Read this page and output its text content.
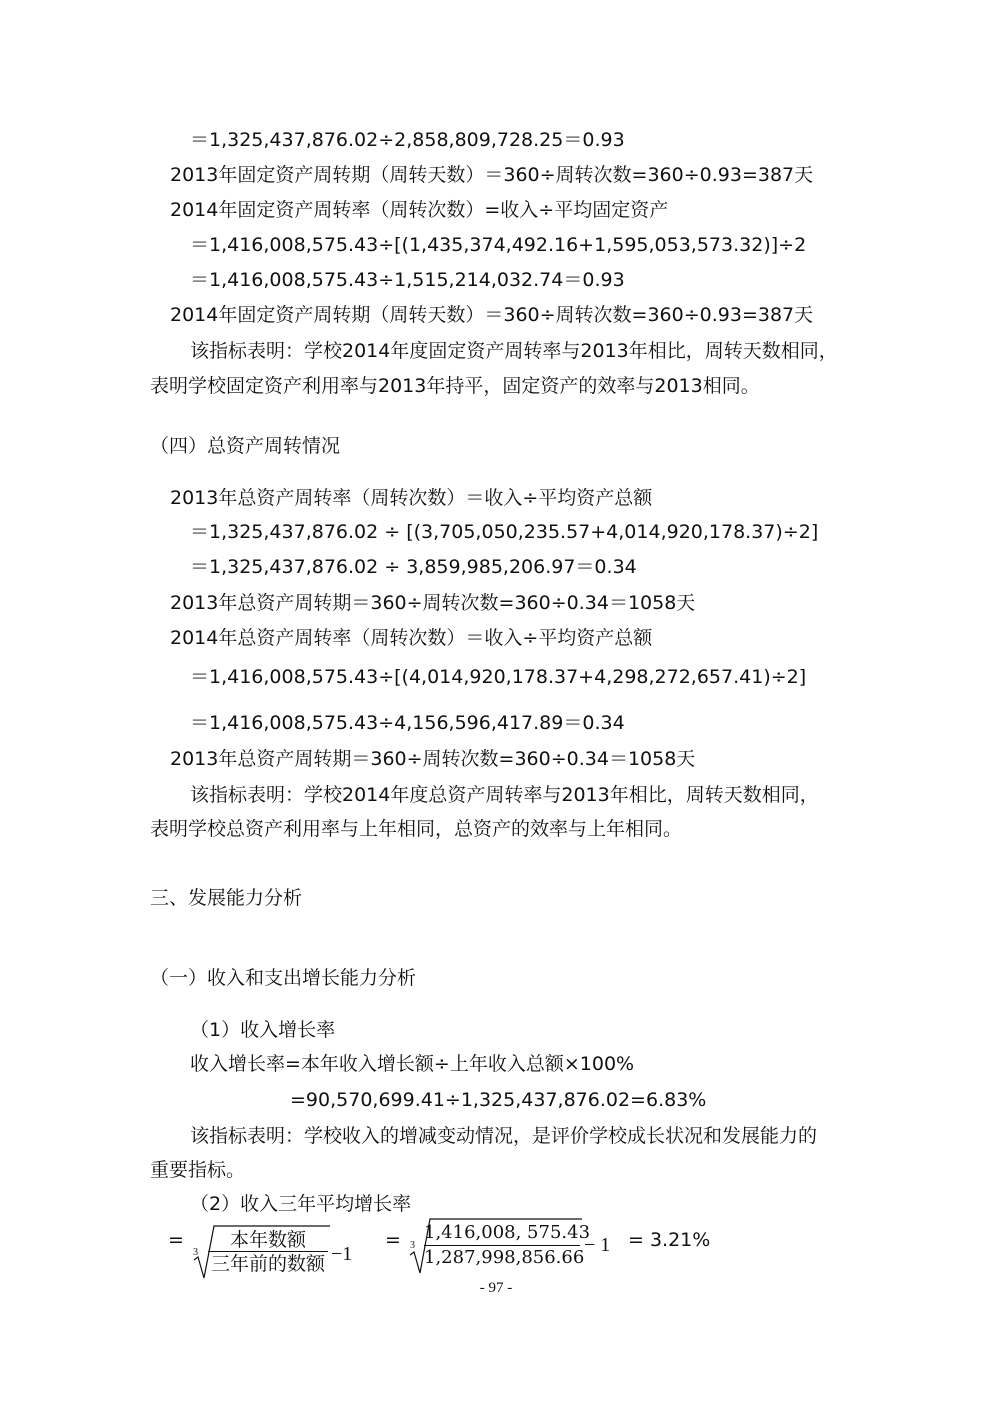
＝1,325,437,876.02÷2,858,809,728.25＝0.93
2013年固定资产周转期（周转天数）＝360÷周转次数=360÷0.93=387天
2014年固定资产周转率（周转次数）=收入÷平均固定资产
＝1,416,008,575.43÷[(1,435,374,492.16+1,595,053,573.32)]÷2
＝1,416,008,575.43÷1,515,214,032.74＝0.93
2014年固定资产周转期（周转天数）＝360÷周转次数=360÷0.93=387天
该指标表明：学校2014年度固定资产周转率与2013年相比，周转天数相同，
表明学校固定资产利用率与2013年持平，固定资产的效率与2013相同。
（四）总资产周转情况
2013年总资产周转率（周转次数）＝收入÷平均资产总额
＝1,325,437,876.02 ÷ [(3,705,050,235.57+4,014,920,178.37)÷2]
＝1,325,437,876.02 ÷ 3,859,985,206.97＝0.34
2013年总资产周转期＝360÷周转次数=360÷0.34＝1058天
2014年总资产周转率（周转次数）＝收入÷平均资产总额
＝1,416,008,575.43÷[(4,014,920,178.37+4,298,272,657.41)÷2]
＝1,416,008,575.43÷4,156,596,417.89＝0.34
2013年总资产周转期＝360÷周转次数=360÷0.34＝1058天
该指标表明：学校2014年度总资产周转率与2013年相比，周转天数相同，
表明学校总资产利用率与上年相同，总资产的效率与上年相同。
三、发展能力分析
（一）收入和支出增长能力分析
（1）收入增长率
收入增长率=本年收入增长额÷上年收入总额×100%
=90,570,699.41÷1,325,437,876.02=6.83%
该指标表明：学校收入的增减变动情况，是评价学校成长状况和发展能力的
重要指标。
（2）收入三年平均增长率
=
3
本年数额
三年前的数额 −1
= 3
1,416,008, 575.43
1,287,998,856.66
− 1 = 3.21%
- 97 -
